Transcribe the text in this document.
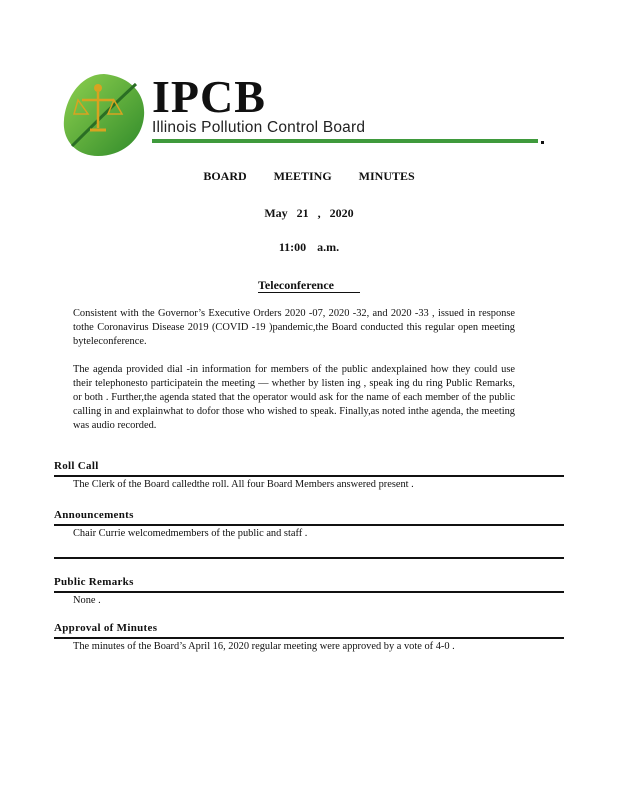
IPCB
Illinois Pollution Control Board
BOARD MEETING MINUTES
May 21 , 2020
11:00 a.m.
Teleconference
Consistent with the Governor’s Executive Orders 2020 -07, 2020 -32, and 2020 -33 , issued in response tothe Coronavirus Disease 2019 (COVID -19 )pandemic,the Board conducted this regular open meeting byteleconference.
The agenda provided dial -in information for members of the public andexplained how they could use their telephonesto participatein the meeting — whether by listen ing , speak ing du ring Public Remarks, or both . Further,the agenda stated that the operator would ask for the name of each member of the public calling in and explainwhat to dofor those who wished to speak. Finally,as noted inthe agenda, the meeting was audio recorded.
Roll Call
The Clerk of the Board calledthe roll. All four Board Members answered present .
Announcements
Chair Currie welcomedmembers of the public and staff .
Public Remarks
None .
Approval of Minutes
The minutes of the Board’s April 16, 2020 regular meeting were approved by a vote of 4-0 .
